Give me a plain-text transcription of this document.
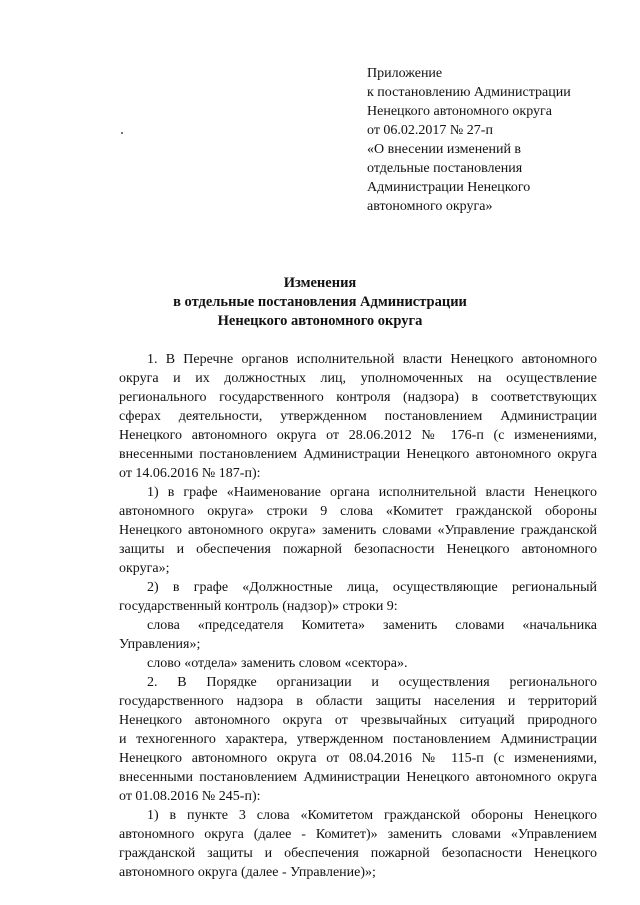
Приложение
к постановлению Администрации
Ненецкого автономного округа
от 06.02.2017 № 27-п
«О внесении изменений в
отдельные постановления
Администрации Ненецкого
автономного округа»
Изменения
в отдельные постановления Администрации
Ненецкого автономного округа

1. В Перечне органов исполнительной власти Ненецкого автономного

округа и их должностных лиц, уполномоченных на осуществление

регионального государственного контроля (надзора) в соответствующих

сферах деятельности, утвержденном постановлением Администрации

Ненецкого автономного округа от 28.06.2012 № 176-п (с изменениями,

внесенными постановлением Администрации Ненецкого автономного округа

от 14.06.2016 № 187-п):

1) в графе «Наименование органа исполнительной власти Ненецкого

автономного округа» строки 9 слова «Комитет гражданской обороны

Ненецкого автономного округа» заменить словами «Управление гражданской

защиты и обеспечения пожарной безопасности Ненецкого автономного

округа»;

2) в графе «Должностные лица, осуществляющие региональный

государственный контроль (надзор)» строки 9:

слова «председателя Комитета» заменить словами «начальника

Управления»;

слово «отдела» заменить словом «сектора».

2. В Порядке организации и осуществления регионального

государственного надзора в области защиты населения и территорий

Ненецкого автономного округа от чрезвычайных ситуаций природного

и техногенного характера, утвержденном постановлением Администрации

Ненецкого автономного округа от 08.04.2016 № 115-п (с изменениями,

внесенными постановлением Администрации Ненецкого автономного округа

от 01.08.2016 № 245-п):

1) в пункте 3 слова «Комитетом гражданской обороны Ненецкого

автономного округа (далее - Комитет)» заменить словами «Управлением

гражданской защиты и обеспечения пожарной безопасности Ненецкого

автономного округа (далее - Управление)»;
